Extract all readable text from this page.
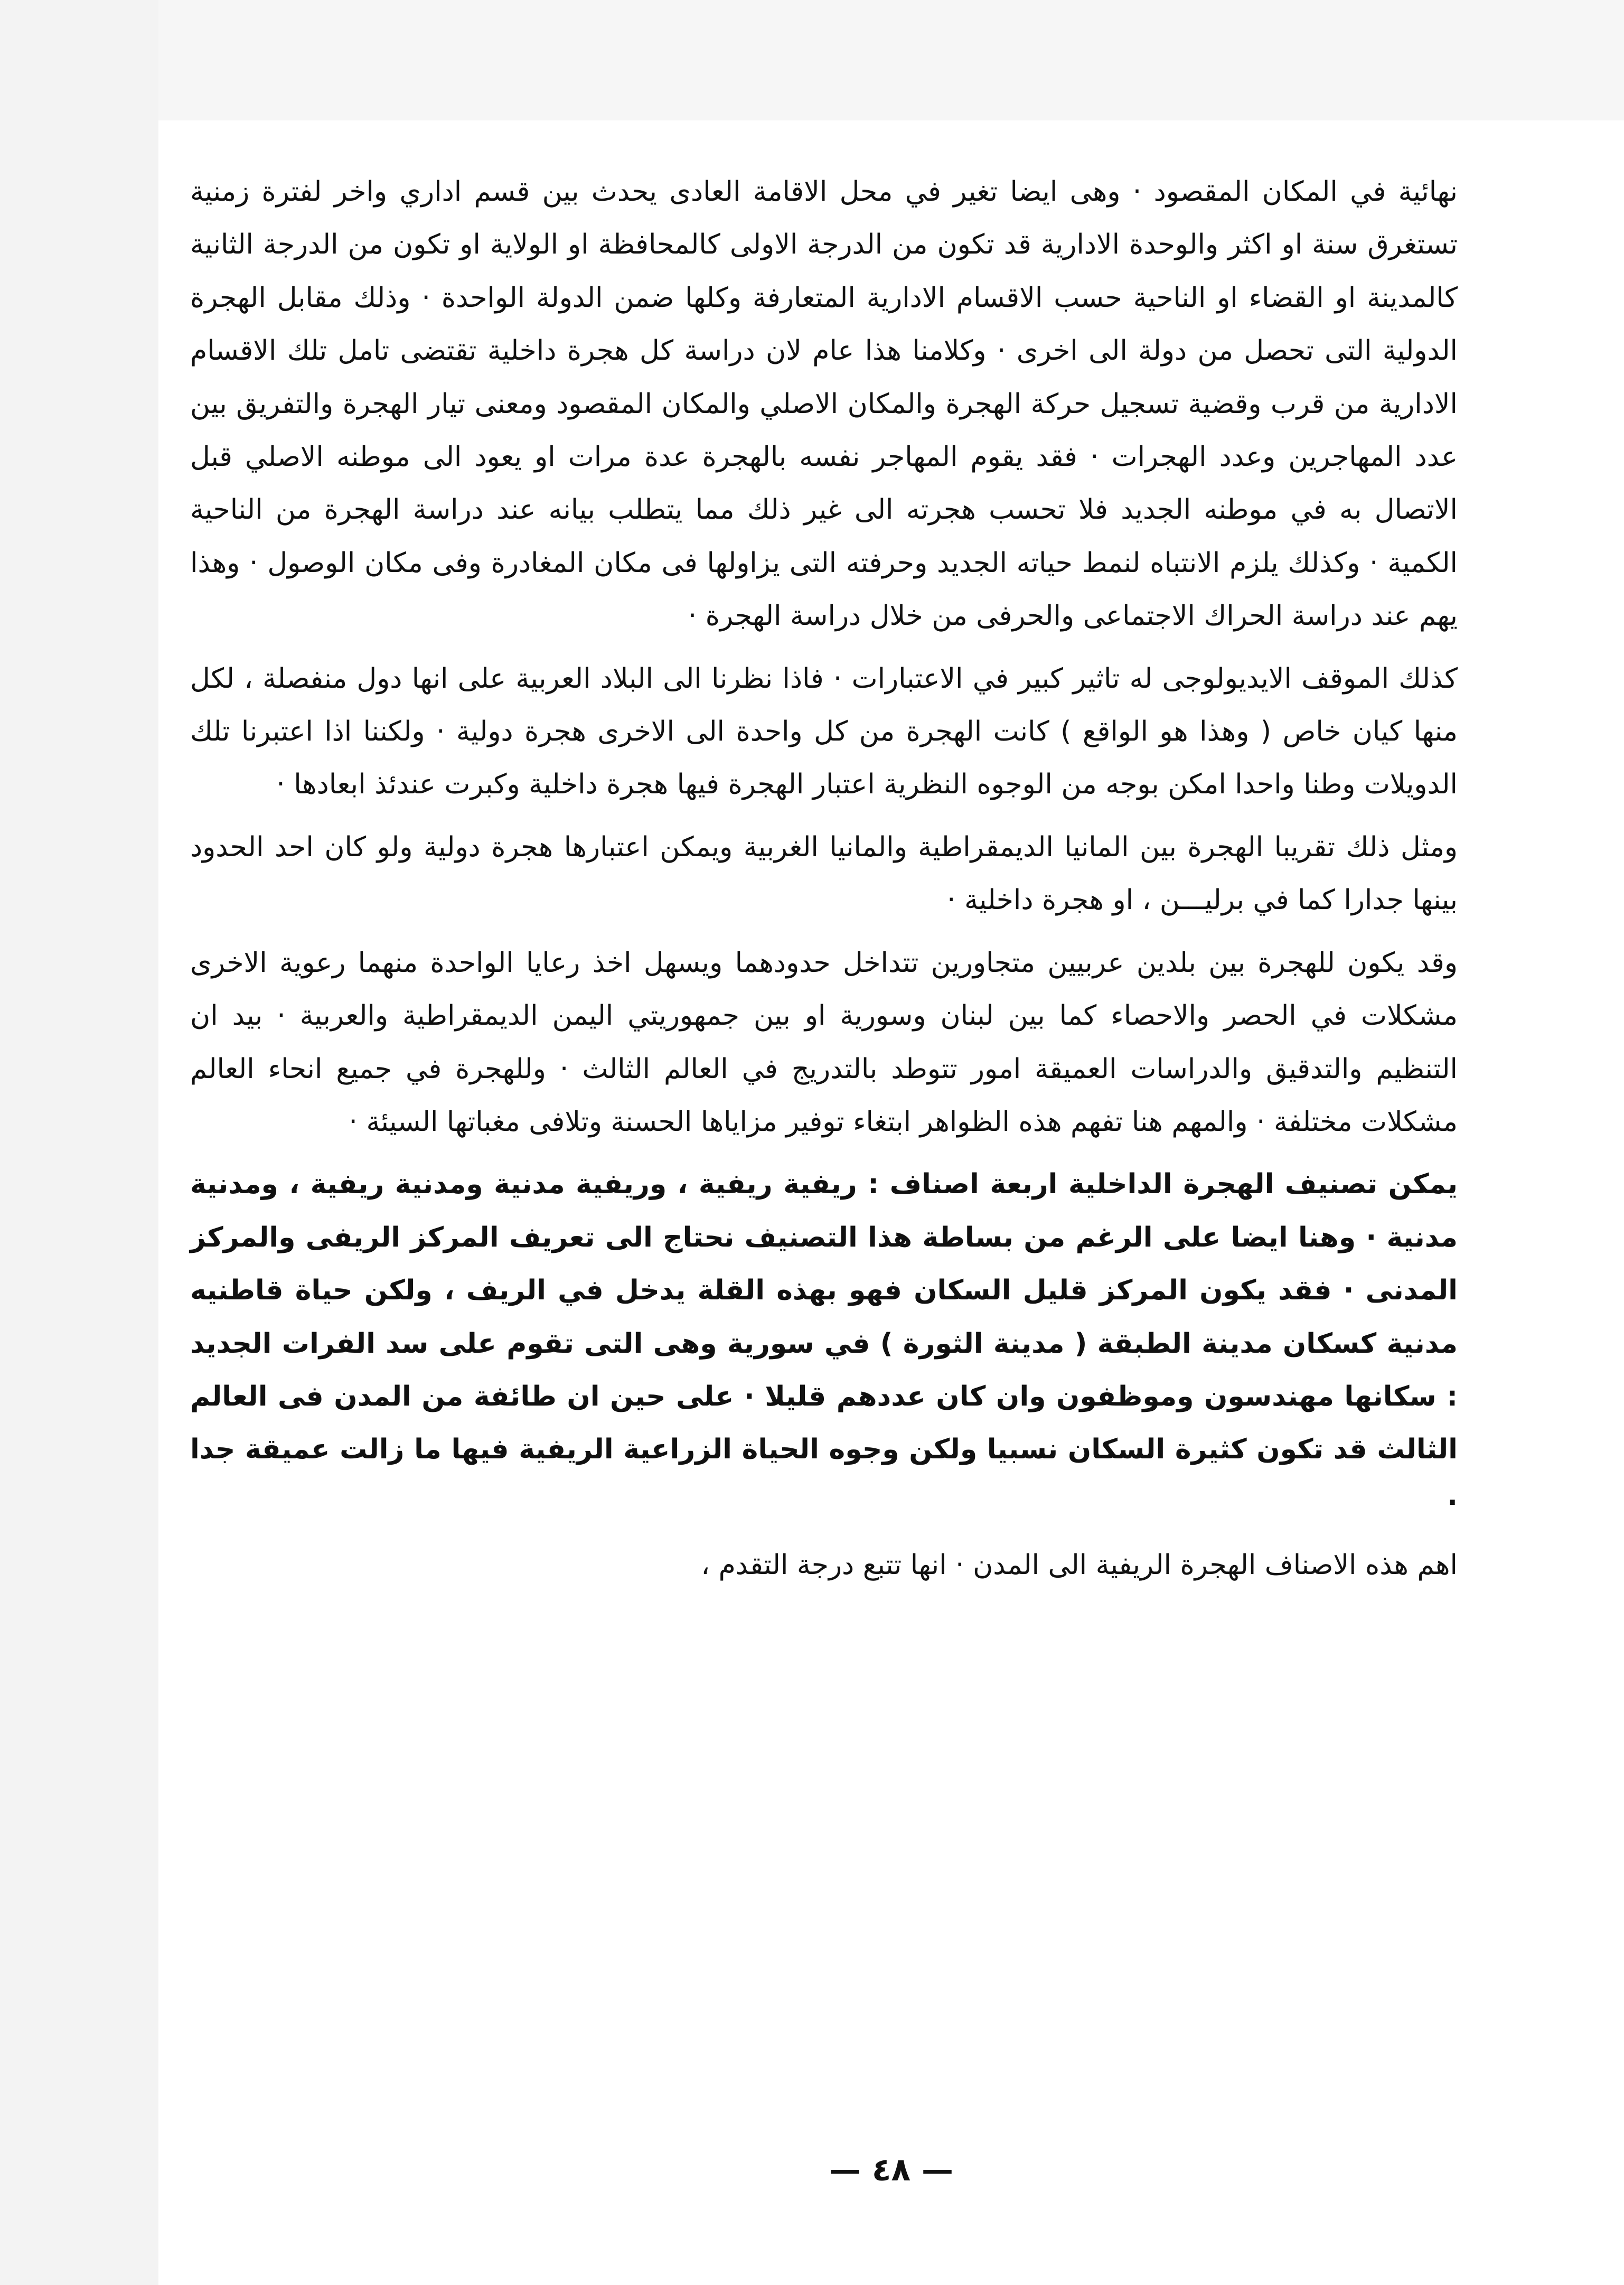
نهائية في المكان المقصود · وهى ايضا تغير في محل الاقامة العادى يحدث بين قسم اداري واخر لفترة زمنية تستغرق سنة او اكثر والوحدة الادارية قد تكون من الدرجة الاولى كالمحافظة او الولاية او تكون من الدرجة الثانية كالمدينة او القضاء او الناحية حسب الاقسام الادارية المتعارفة وكلها ضمن الدولة الواحدة · وذلك مقابل الهجرة الدولية التى تحصل من دولة الى اخرى · وكلامنا هذا عام لان دراسة كل هجرة داخلية تقتضى تامل تلك الاقسام الادارية من قرب وقضية تسجيل حركة الهجرة والمكان الاصلي والمكان المقصود ومعنى تيار الهجرة والتفريق بين عدد المهاجرين وعدد الهجرات · فقد يقوم المهاجر نفسه بالهجرة عدة مرات او يعود الى موطنه الاصلي قبل الاتصال به في موطنه الجديد فلا تحسب هجرته الى غير ذلك مما يتطلب بيانه عند دراسة الهجرة من الناحية الكمية · وكذلك يلزم الانتباه لنمط حياته الجديد وحرفته التى يزاولها فى مكان المغادرة وفى مكان الوصول · وهذا يهم عند دراسة الحراك الاجتماعى والحرفى من خلال دراسة الهجرة ·

كذلك الموقف الايديولوجى له تاثير كبير في الاعتبارات · فاذا نظرنا الى البلاد العربية على انها دول منفصلة ، لكل منها كيان خاص ( وهذا هو الواقع ) كانت الهجرة من كل واحدة الى الاخرى هجرة دولية · ولكننا اذا اعتبرنا تلك الدويلات وطنا واحدا امكن بوجه من الوجوه النظرية اعتبار الهجرة فيها هجرة داخلية وكبرت عندئذ ابعادها ·

ومثل ذلك تقريبا الهجرة بين المانيا الديمقراطية والمانيا الغربية ويمكن اعتبارها هجرة دولية ولو كان احد الحدود بينها جدارا كما في برليـــن ، او هجرة داخلية ·

وقد يكون للهجرة بين بلدين عربيين متجاورين تتداخل حدودهما ويسهل اخذ رعايا الواحدة منهما رعوية الاخرى مشكلات في الحصر والاحصاء كما بين لبنان وسورية او بين جمهوريتي اليمن الديمقراطية والعربية · بيد ان التنظيم والتدقيق والدراسات العميقة امور تتوطد بالتدريج في العالم الثالث · وللهجرة في جميع انحاء العالم مشكلات مختلفة · والمهم هنا تفهم هذه الظواهر ابتغاء توفير مزاياها الحسنة وتلافى مغباتها السيئة ·

يمكن تصنيف الهجرة الداخلية اربعة اصناف : ريفية ريفية ، وريفية مدنية ومدنية ريفية ، ومدنية مدنية · وهنا ايضا على الرغم من بساطة هذا التصنيف نحتاج الى تعريف المركز الريفى والمركز المدنى · فقد يكون المركز قليل السكان فهو بهذه القلة يدخل في الريف ، ولكن حياة قاطنيه مدنية كسكان مدينة الطبقة ( مدينة الثورة ) في سورية وهى التى تقوم على سد الفرات الجديد : سكانها مهندسون وموظفون وان كان عددهم قليلا · على حين ان طائفة من المدن فى العالم الثالث قد تكون كثيرة السكان نسبيا ولكن وجوه الحياة الزراعية الريفية فيها ما زالت عميقة جدا ·

اهم هذه الاصناف الهجرة الريفية الى المدن · انها تتبع درجة التقدم ،

— ٤٨ —
